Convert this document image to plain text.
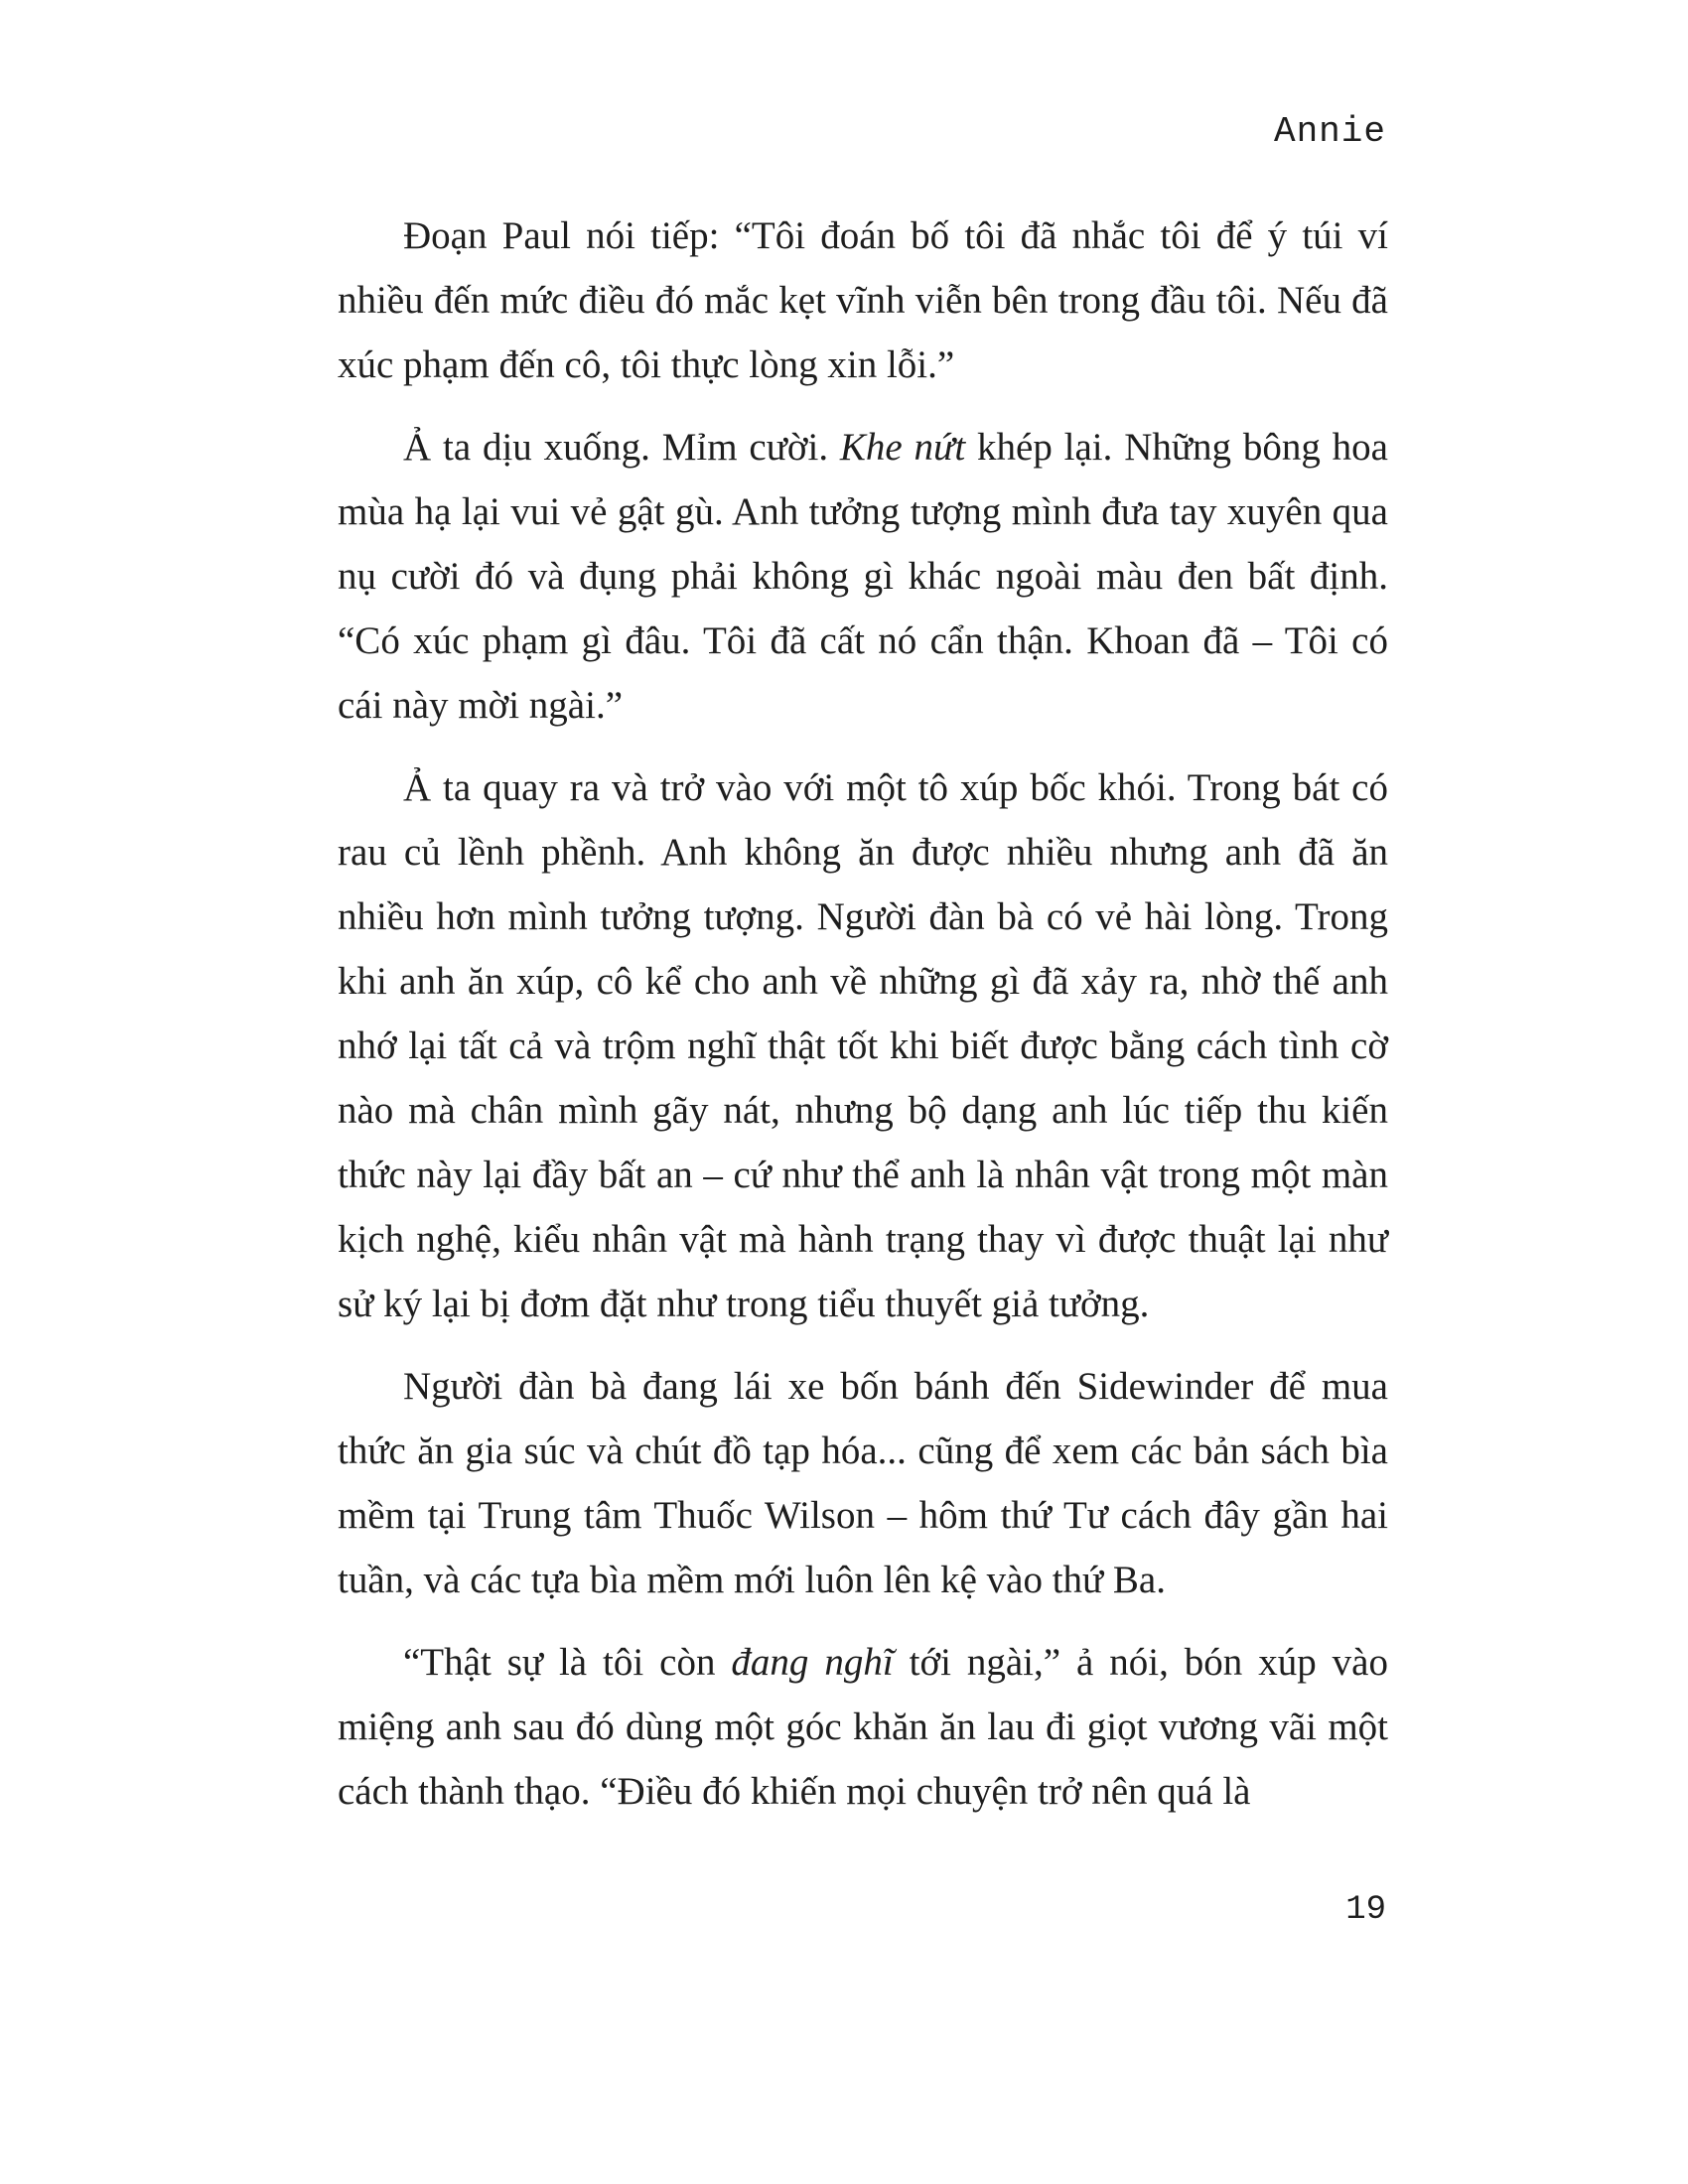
Annie

Đoạn Paul nói tiếp: “Tôi đoán bố tôi đã nhắc tôi để ý túi ví nhiều đến mức điều đó mắc kẹt vĩnh viễn bên trong đầu tôi. Nếu đã xúc phạm đến cô, tôi thực lòng xin lỗi.”

Ả ta dịu xuống. Mỉm cười. Khe nứt khép lại. Những bông hoa mùa hạ lại vui vẻ gật gù. Anh tưởng tượng mình đưa tay xuyên qua nụ cười đó và đụng phải không gì khác ngoài màu đen bất định. “Có xúc phạm gì đâu. Tôi đã cất nó cẩn thận. Khoan đã – Tôi có cái này mời ngài.”

Ả ta quay ra và trở vào với một tô xúp bốc khói. Trong bát có rau củ lềnh phềnh. Anh không ăn được nhiều nhưng anh đã ăn nhiều hơn mình tưởng tượng. Người đàn bà có vẻ hài lòng. Trong khi anh ăn xúp, cô kể cho anh về những gì đã xảy ra, nhờ thế anh nhớ lại tất cả và trộm nghĩ thật tốt khi biết được bằng cách tình cờ nào mà chân mình gãy nát, nhưng bộ dạng anh lúc tiếp thu kiến thức này lại đầy bất an – cứ như thể anh là nhân vật trong một màn kịch nghệ, kiểu nhân vật mà hành trạng thay vì được thuật lại như sử ký lại bị đơm đặt như trong tiểu thuyết giả tưởng.

Người đàn bà đang lái xe bốn bánh đến Sidewinder để mua thức ăn gia súc và chút đồ tạp hóa... cũng để xem các bản sách bìa mềm tại Trung tâm Thuốc Wilson – hôm thứ Tư cách đây gần hai tuần, và các tựa bìa mềm mới luôn lên kệ vào thứ Ba.

“Thật sự là tôi còn đang nghĩ tới ngài,” ả nói, bón xúp vào miệng anh sau đó dùng một góc khăn ăn lau đi giọt vương vãi một cách thành thạo. “Điều đó khiến mọi chuyện trở nên quá là

19
